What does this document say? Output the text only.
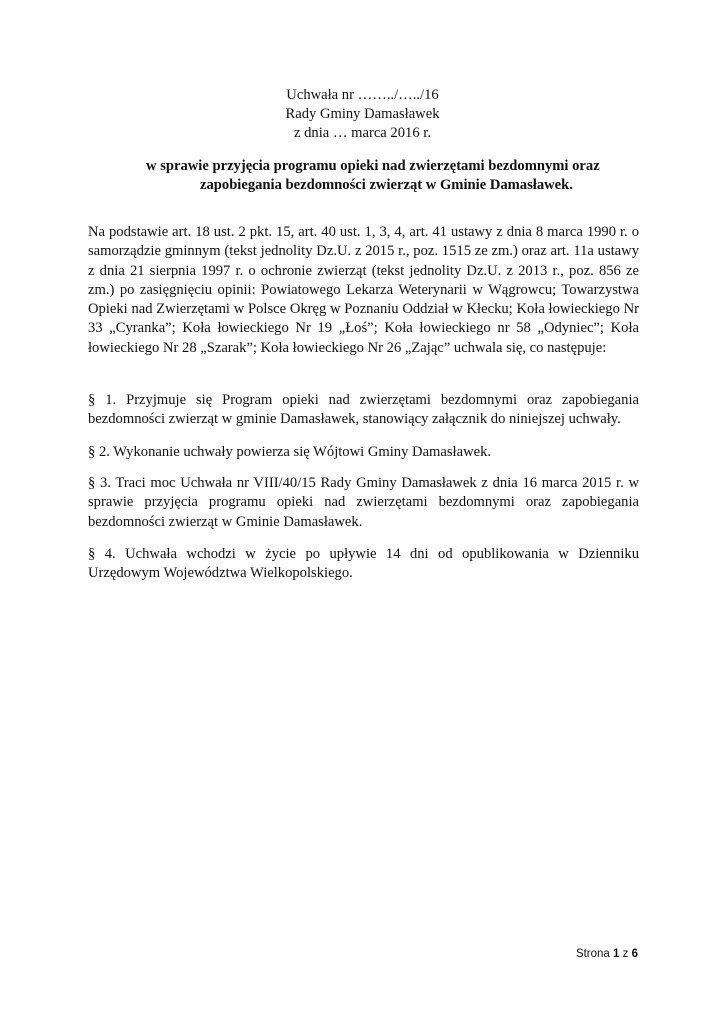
Uchwała nr ……../…../16
Rady Gminy Damasławek
z dnia … marca 2016 r.
w sprawie przyjęcia programu opieki nad zwierzętami bezdomnymi oraz
zapobiegania bezdomności zwierząt w Gminie Damasławek.
Na podstawie art. 18 ust. 2 pkt. 15, art. 40 ust. 1, 3, 4, art. 41 ustawy z dnia 8 marca 1990 r. o samorządzie gminnym (tekst jednolity Dz.U. z 2015 r., poz. 1515 ze zm.) oraz art. 11a ustawy z dnia 21 sierpnia 1997 r. o ochronie zwierząt (tekst jednolity Dz.U. z 2013 r., poz. 856 ze zm.) po zasięgnięciu opinii: Powiatowego Lekarza Weterynarii w Wągrowcu; Towarzystwa Opieki nad Zwierzętami w Polsce Okręg w Poznaniu Oddział w Kłecku; Koła łowieckiego Nr 33 „Cyranka”; Koła łowieckiego Nr 19 „Łoś”; Koła łowieckiego nr 58 „Odyniec”; Koła łowieckiego Nr 28 „Szarak”; Koła łowieckiego Nr 26 „Zając” uchwala się, co następuje:
§ 1. Przyjmuje się Program opieki nad zwierzętami bezdomnymi oraz zapobiegania bezdomności zwierząt w gminie Damasławek, stanowiący załącznik do niniejszej uchwały.
§ 2. Wykonanie uchwały powierza się Wójtowi Gminy Damasławek.
§ 3. Traci moc Uchwała nr VIII/40/15 Rady Gminy Damasławek z dnia 16 marca 2015 r. w sprawie przyjęcia programu opieki nad zwierzętami bezdomnymi oraz zapobiegania bezdomności zwierząt w Gminie Damasławek.
§ 4. Uchwała wchodzi w życie po upływie 14 dni od opublikowania w Dzienniku Urzędowym Województwa Wielkopolskiego.
Strona 1 z 6
